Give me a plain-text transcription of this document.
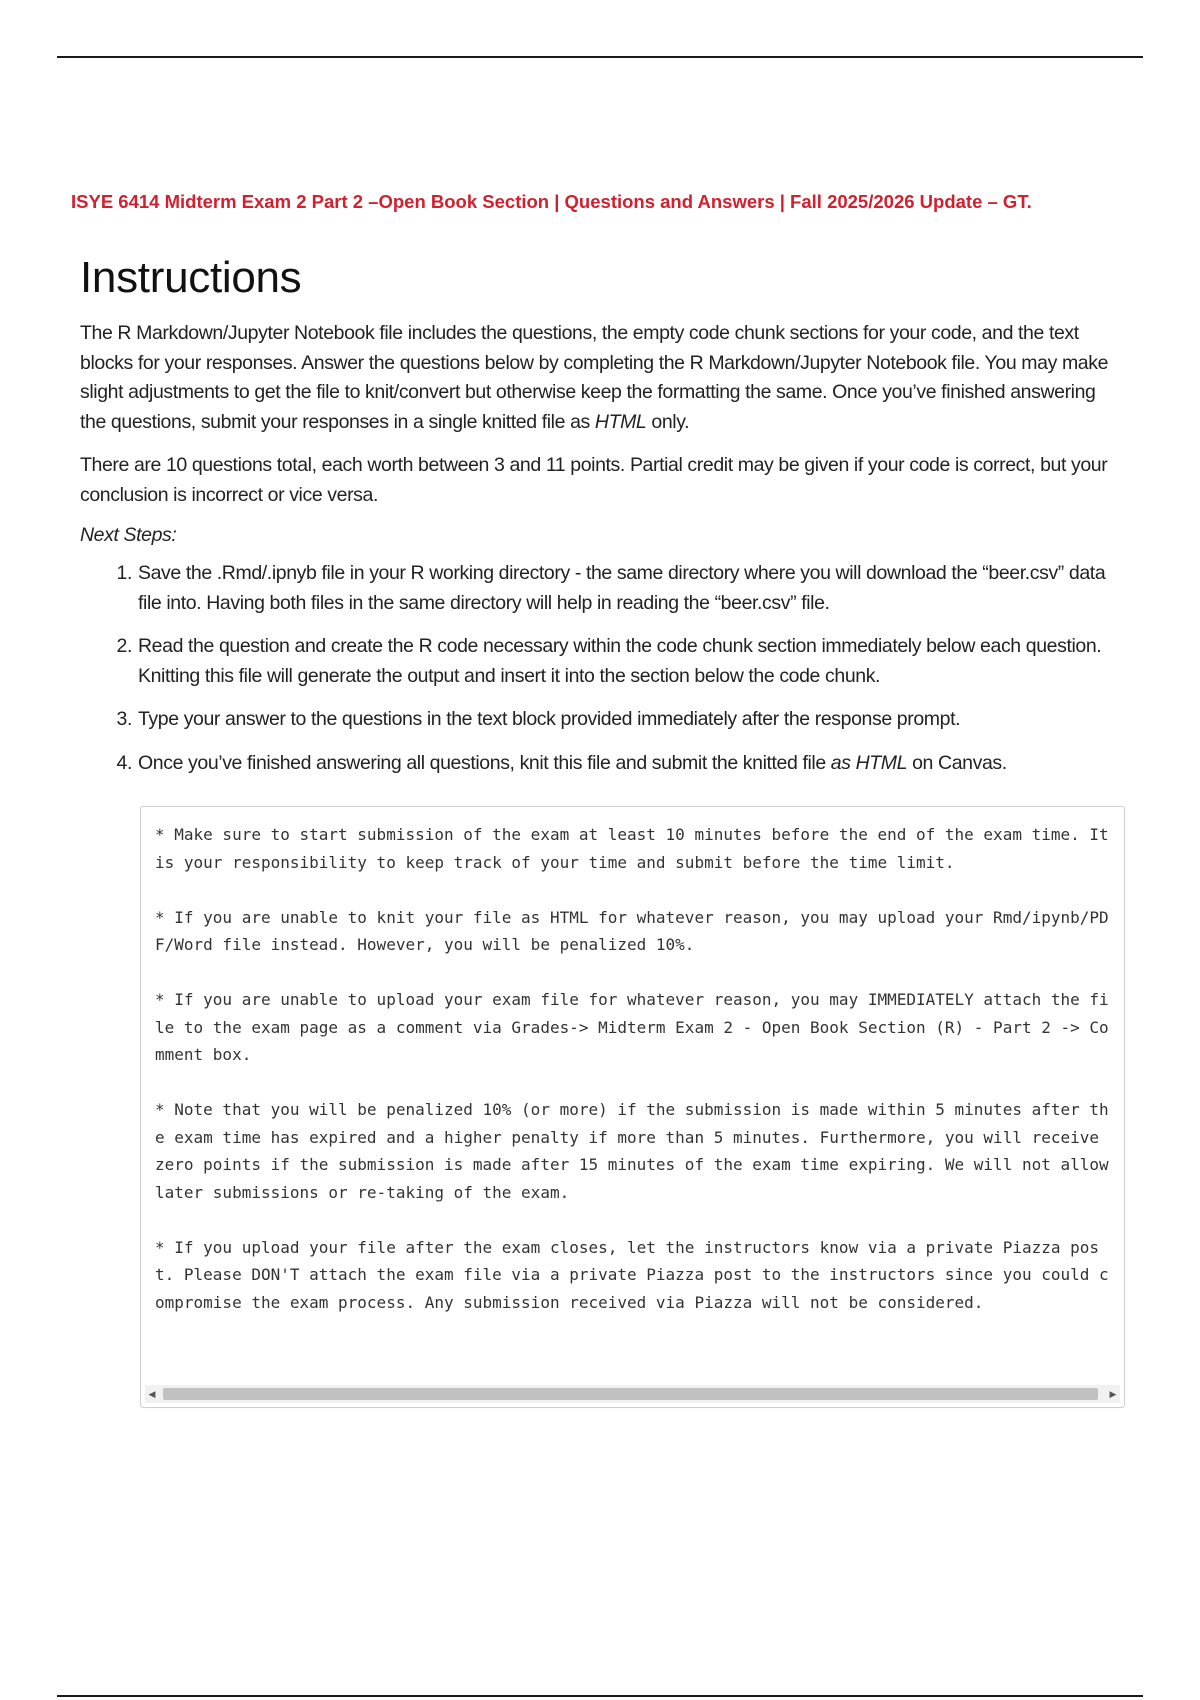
ISYE 6414 Midterm Exam 2 Part 2 –Open Book Section | Questions and Answers | Fall 2025/2026 Update – GT.
Instructions

The R Markdown/Jupyter Notebook file includes the questions, the empty code chunk sections for your code, and the text blocks for your responses. Answer the questions below by completing the R Markdown/Jupyter Notebook file. You may make slight adjustments to get the file to knit/convert but otherwise keep the formatting the same. Once you’ve finished answering the questions, submit your responses in a single knitted file as HTML only.

There are 10 questions total, each worth between 3 and 11 points. Partial credit may be given if your code is correct, but your conclusion is incorrect or vice versa.

Next Steps:

1. Save the .Rmd/.ipnyb file in your R working directory - the same directory where you will download the “beer.csv” data file into. Having both files in the same directory will help in reading the “beer.csv” file.
2. Read the question and create the R code necessary within the code chunk section immediately below each question. Knitting this file will generate the output and insert it into the section below the code chunk.
3. Type your answer to the questions in the text block provided immediately after the response prompt.
4. Once you’ve finished answering all questions, knit this file and submit the knitted file as HTML on Canvas.

* Make sure to start submission of the exam at least 10 minutes before the end of the exam time. It is your responsibility to keep track of your time and submit before the time limit.

* If you are unable to knit your file as HTML for whatever reason, you may upload your Rmd/ipynb/PDF/Word file instead. However, you will be penalized 10%.

* If you are unable to upload your exam file for whatever reason, you may IMMEDIATELY attach the file to the exam page as a comment via Grades-> Midterm Exam 2 - Open Book Section (R) - Part 2 -> Comment box.

* Note that you will be penalized 10% (or more) if the submission is made within 5 minutes after the exam time has expired and a higher penalty if more than 5 minutes. Furthermore, you will receive zero points if the submission is made after 15 minutes of the exam time expiring. We will not allow later submissions or re-taking of the exam.

* If you upload your file after the exam closes, let the instructors know via a private Piazza post. Please DON'T attach the exam file via a private Piazza post to the instructors since you could compromise the exam process. Any submission received via Piazza will not be considered.

◀	▶
